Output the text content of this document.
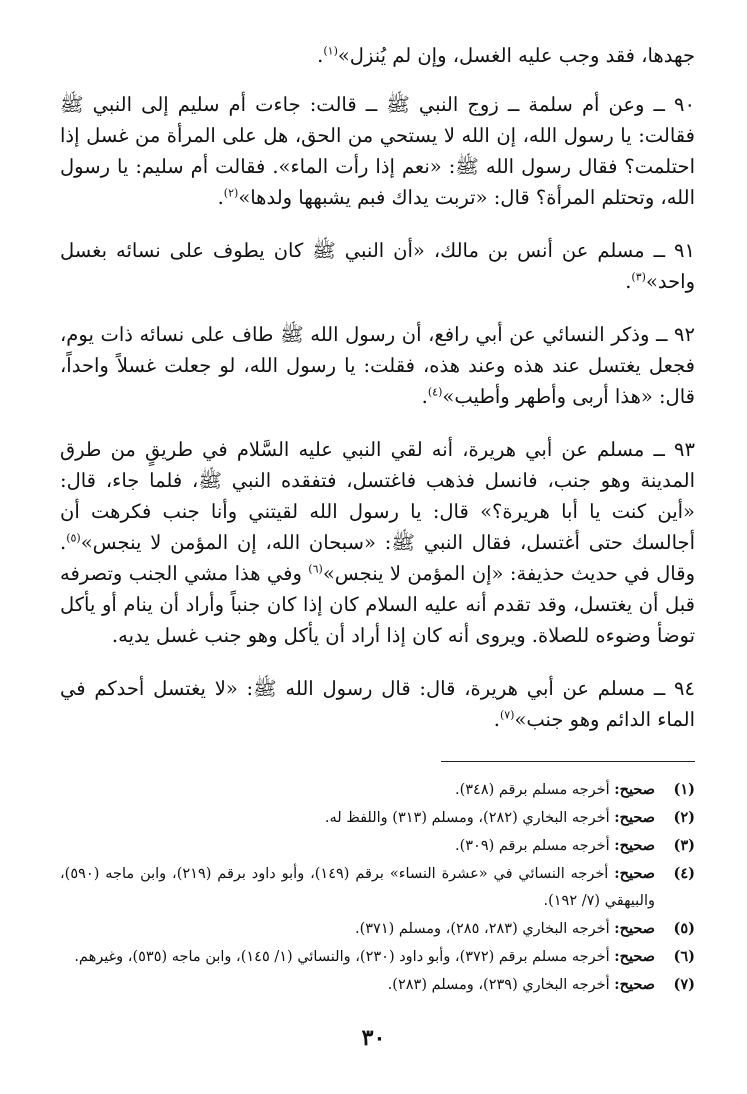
جهدها، فقد وجب عليه الغسل، وإن لم يُنزل»$^{(١)}$.

٩٠ ــ وعن أم سلمة ــ زوج النبي ﷺ ــ قالت: جاءت أم سليم إلى النبي ﷺ فقالت: يا رسول الله، إن الله لا يستحي من الحق، هل على المرأة من غسل إذا احتلمت؟ فقال رسول الله ﷺ: «نعم إذا رأت الماء». فقالت أم سليم: يا رسول الله، وتحتلم المرأة؟ قال: «تربت يداك فبم يشبهها ولدها»$^{(٢)}$.

٩١ ــ مسلم عن أنس بن مالك، «أن النبي ﷺ كان يطوف على نسائه بغسل واحد»$^{(٣)}$.

٩٢ ــ وذكر النسائي عن أبي رافع، أن رسول الله ﷺ طاف على نسائه ذات يوم، فجعل يغتسل عند هذه وعند هذه، فقلت: يا رسول الله، لو جعلت غسلاً واحداً، قال: «هذا أربى وأطهر وأطيب»$^{(٤)}$.

٩٣ ــ مسلم عن أبي هريرة، أنه لقي النبي عليه السَّلام في طريقٍ من طرق المدينة وهو جنب، فانسل فذهب فاغتسل، فتفقده النبي ﷺ، فلما جاء، قال: «أين كنت يا أبا هريرة؟» قال: يا رسول الله لقيتني وأنا جنب فكرهت أن أجالسك حتى أغتسل، فقال النبي ﷺ: «سبحان الله، إن المؤمن لا ينجس»$^{(٥)}$. وقال في حديث حذيفة: «إن المؤمن لا ينجس»$^{(٦)}$ وفي هذا مشي الجنب وتصرفه قبل أن يغتسل، وقد تقدم أنه عليه السلام كان إذا كان جنباً وأراد أن ينام أو يأكل توضأ وضوءه للصلاة. ويروى أنه كان إذا أراد أن يأكل وهو جنب غسل يديه.

٩٤ ــ مسلم عن أبي هريرة، قال: قال رسول الله ﷺ: «لا يغتسل أحدكم في الماء الدائم وهو جنب»$^{(٧)}$.

(١)
صحيح: أخرجه مسلم برقم (٣٤٨).
(٢)
صحيح: أخرجه البخاري (٢٨٢)، ومسلم (٣١٣) واللفظ له.
(٣)
صحيح: أخرجه مسلم برقم (٣٠٩).
(٤)
صحيح: أخرجه النسائي في «عشرة النساء» برقم (١٤٩)، وأبو داود برقم (٢١٩)، وابن ماجه (٥٩٠)، والبيهقي (٧/ ١٩٢).
(٥)
صحيح: أخرجه البخاري (٢٨٣، ٢٨٥)، ومسلم (٣٧١).
(٦)
صحيح: أخرجه مسلم برقم (٣٧٢)، وأبو داود (٢٣٠)، والنسائي (١/ ١٤٥)، وابن ماجه (٥٣٥)، وغيرهم.
(٧)
صحيح: أخرجه البخاري (٢٣٩)، ومسلم (٢٨٣).
٣٠
